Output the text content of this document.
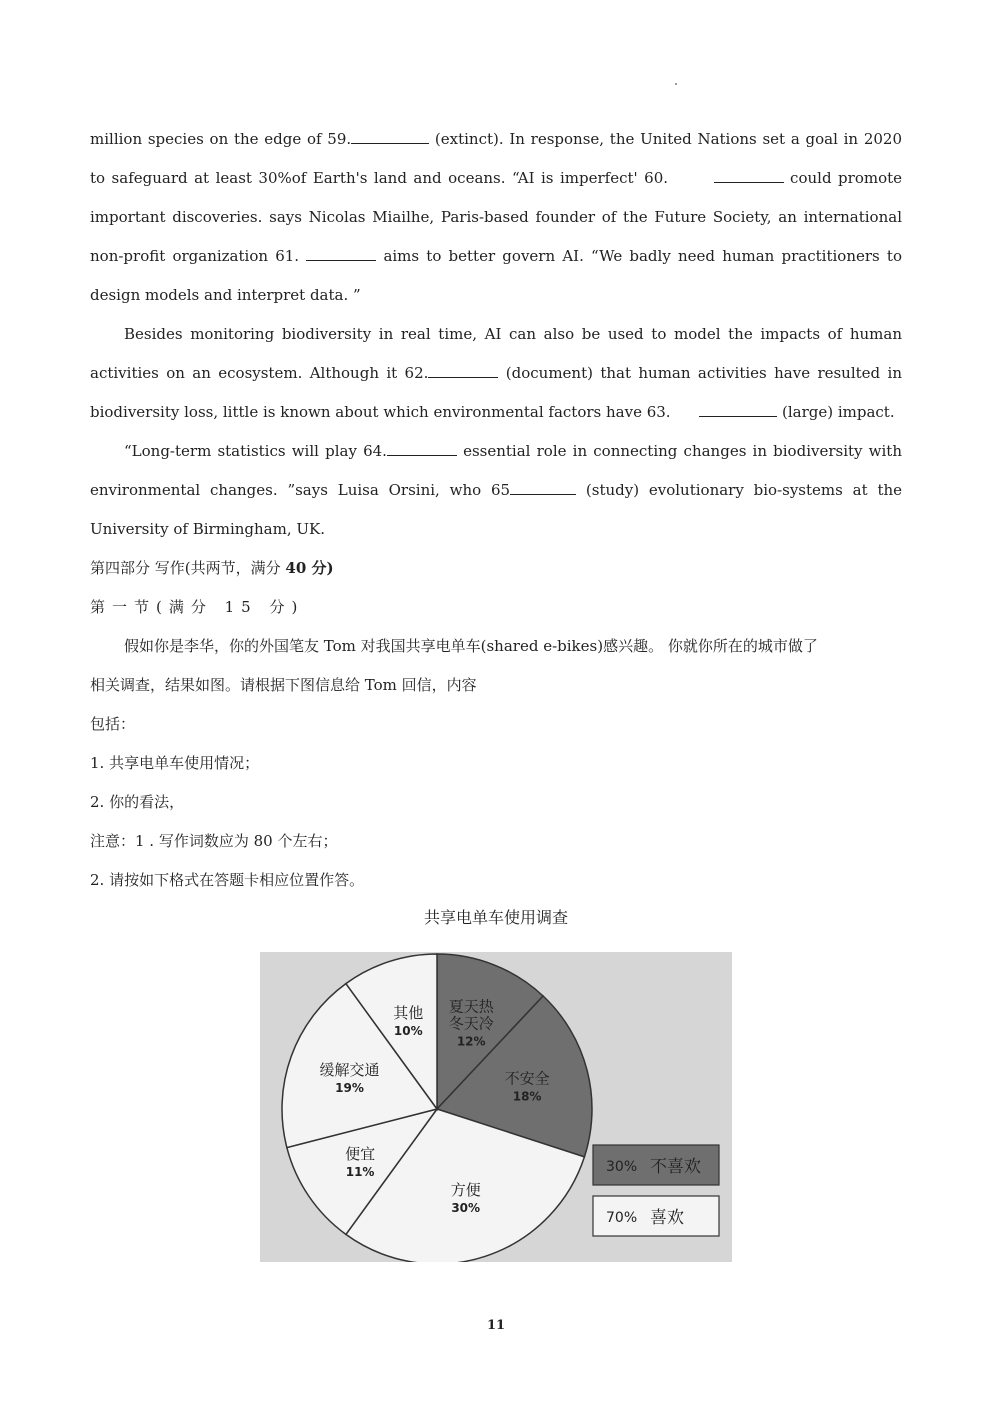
million species on the edge of 59.	(extinct). In response, the United Nations set a goal in 2020 to safeguard at least 30%of Earth's land and oceans. “AI is imperfect' 60.	could promote important discoveries. says Nicolas Miailhe, Paris-based founder of the Future Society, an international non-profit organization 61.	aims to better govern AI. “We badly need human practitioners to design models and interpret data. ”

Besides monitoring biodiversity in real time, AI can also be used to model the impacts of human activities on an ecosystem. Although it 62.	(document) that human activities have resulted in biodiversity loss, little is known about which environmental factors have 63.	(large) impact.

“Long-term statistics will play 64.	essential role in connecting changes in biodiversity with environmental changes. ”says Luisa Orsini, who 65	(study) evolutionary bio-systems at the University of Birmingham, UK.

第四部分 写作(共两节，满分 40 分)

第一节(满分 15 分)

假如你是李华，你的外国笔友 Tom 对我国共享电单车(shared e-bikes)感兴趣。 你就你所在的城市做了

相关调查，结果如图。请根据下图信息给 Tom 回信，内容

包括：

1. 共享电单车使用情况；

2. 你的看法，

注意：1 . 写作词数应为 80 个左右；

2. 请按如下格式在答题卡相应位置作答。

共享电单车使用调查
夏天热
冬天冷
12%
不安全
18%
方便
30%
便宜
11%
缓解交通
19%
其他
10%
30% 不喜欢
70% 喜欢
11
